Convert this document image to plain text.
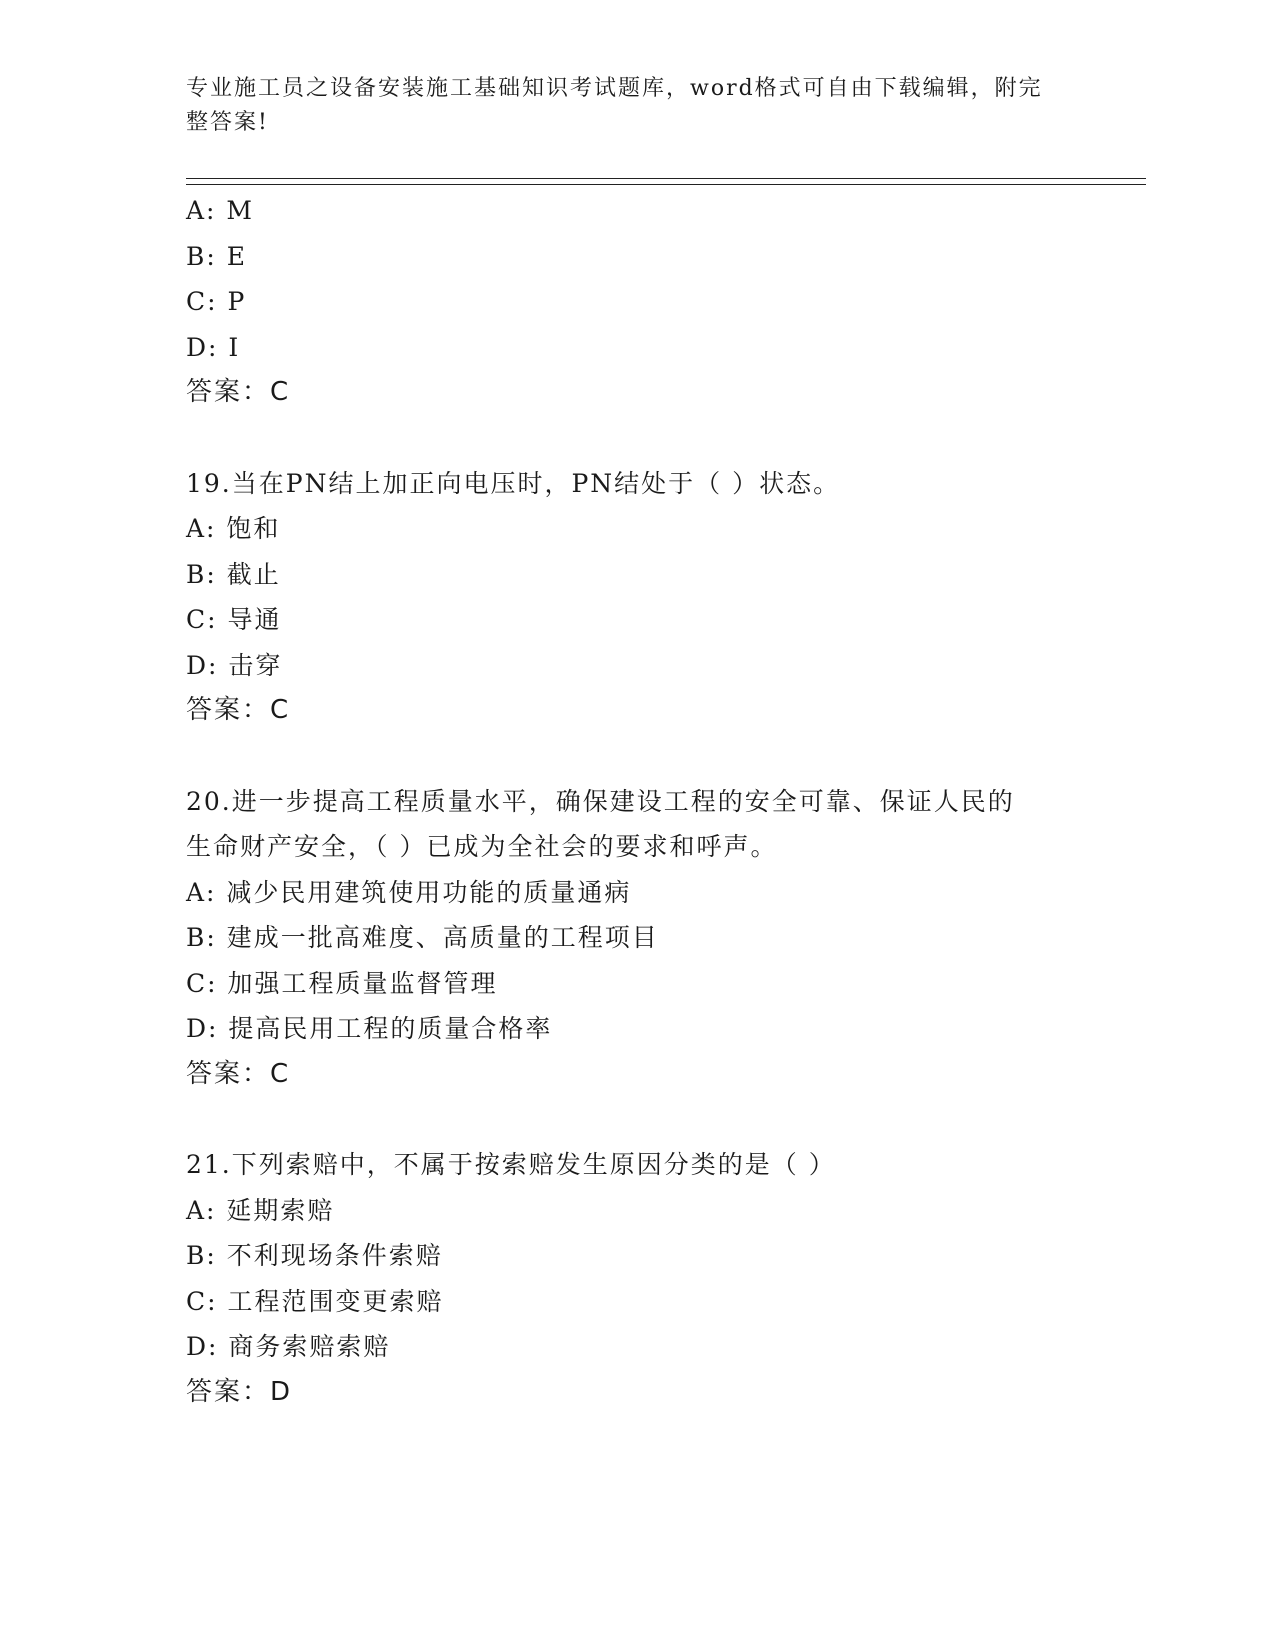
专业施工员之设备安装施工基础知识考试题库，word格式可自由下载编辑，附完
整答案!
A: M
B: E
C: P
D: I
答案：C
19.当在PN结上加正向电压时，PN结处于（ ）状态。
A: 饱和
B: 截止
C: 导通
D: 击穿
答案：C
20.进一步提高工程质量水平，确保建设工程的安全可靠、保证人民的
生命财产安全，（ ）已成为全社会的要求和呼声。
A: 减少民用建筑使用功能的质量通病
B: 建成一批高难度、高质量的工程项目
C: 加强工程质量监督管理
D: 提高民用工程的质量合格率
答案：C
21.下列索赔中，不属于按索赔发生原因分类的是（ ）
A: 延期索赔
B: 不利现场条件索赔
C: 工程范围变更索赔
D: 商务索赔索赔
答案：D
